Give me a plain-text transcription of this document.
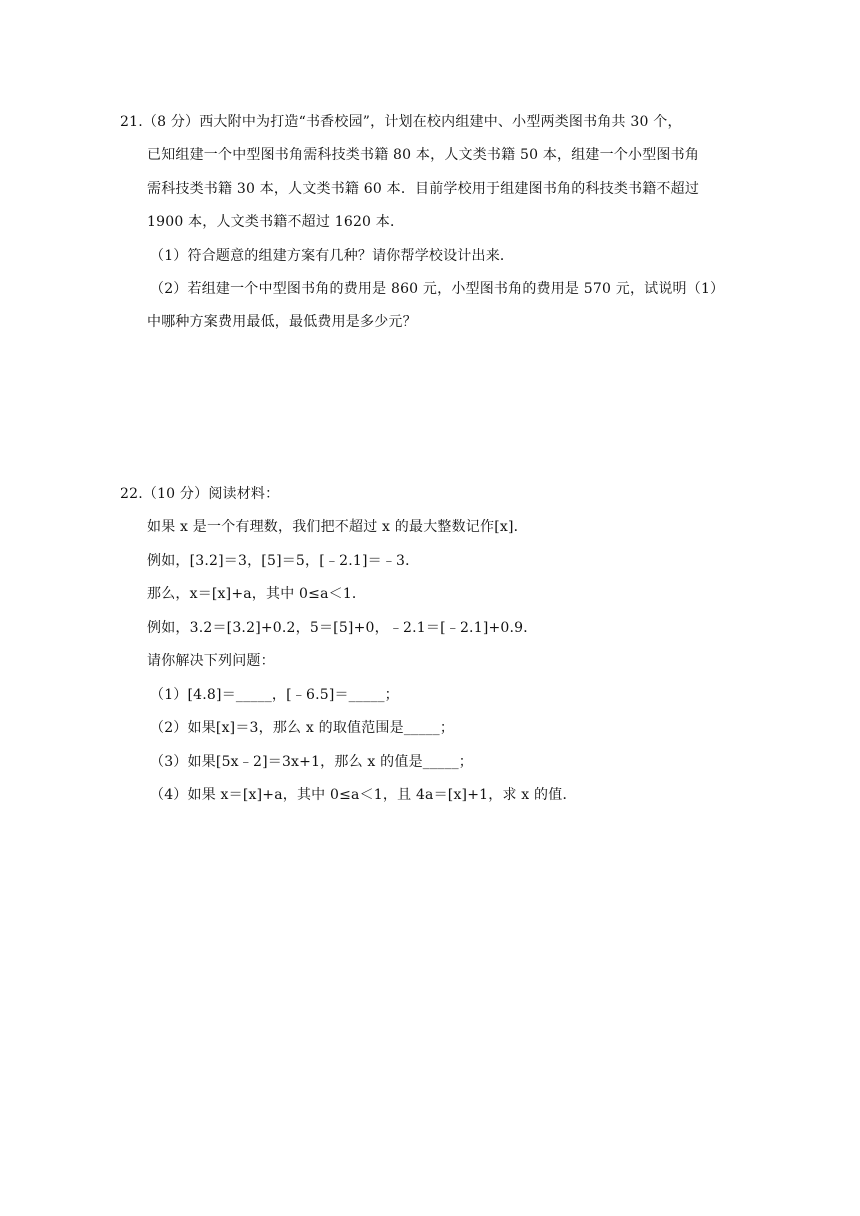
21.（8 分）西大附中为打造“书香校园”，计划在校内组建中、小型两类图书角共 30 个，
已知组建一个中型图书角需科技类书籍 80 本，人文类书籍 50 本，组建一个小型图书角
需科技类书籍 30 本，人文类书籍 60 本．目前学校用于组建图书角的科技类书籍不超过
1900 本，人文类书籍不超过 1620 本．
（1）符合题意的组建方案有几种？请你帮学校设计出来．
（2）若组建一个中型图书角的费用是 860 元，小型图书角的费用是 570 元，试说明（1）
中哪种方案费用最低，最低费用是多少元？
22.（10 分）阅读材料：
如果 x 是一个有理数，我们把不超过 x 的最大整数记作[x]．
例如，[3.2]＝3，[5]＝5，[﹣2.1]＝﹣3．
那么，x＝[x]+a，其中 0≤a＜1．
例如，3.2＝[3.2]+0.2，5＝[5]+0，﹣2.1＝[﹣2.1]+0.9．
请你解决下列问题：
（1）[4.8]＝_____，[﹣6.5]＝_____；
（2）如果[x]＝3，那么 x 的取值范围是_____；
（3）如果[5x﹣2]＝3x+1，那么 x 的值是_____；
（4）如果 x＝[x]+a，其中 0≤a＜1，且 4a＝[x]+1，求 x 的值．
